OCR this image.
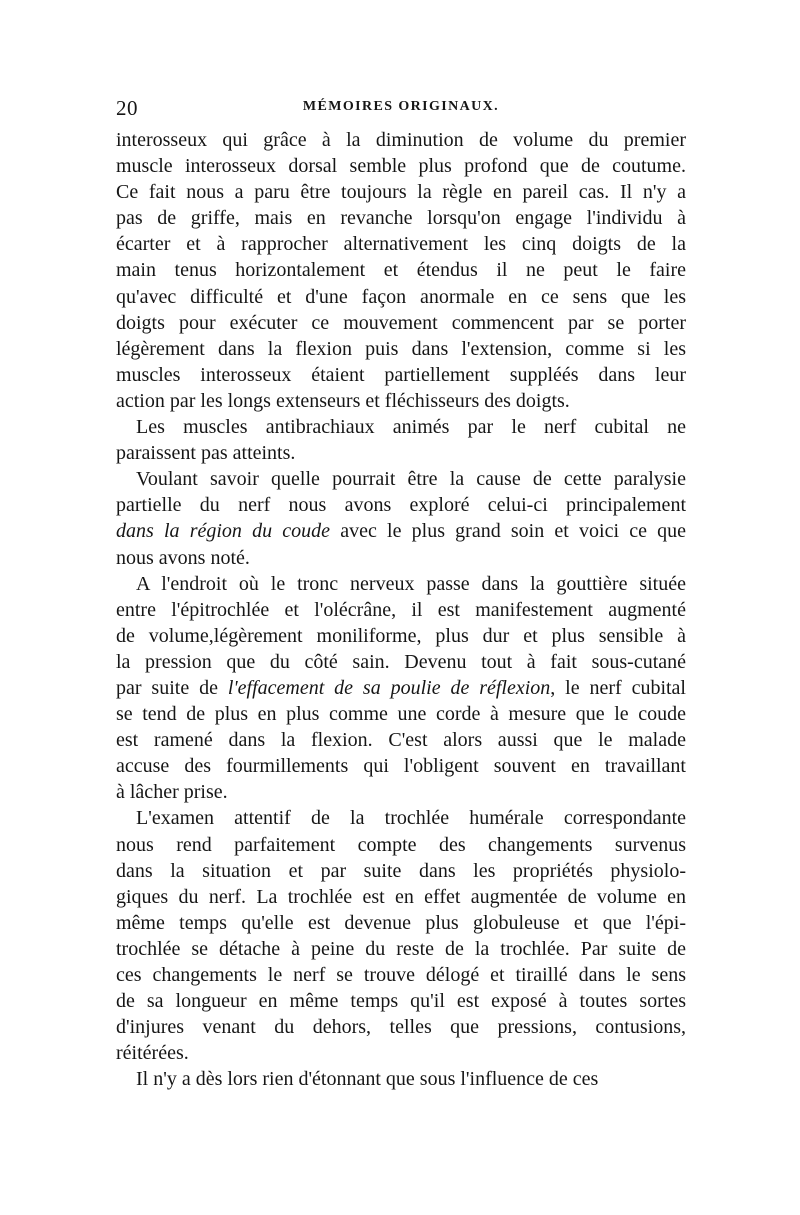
20	MÉMOIRES ORIGINAUX.
interosseux qui grâce à la diminution de volume du premier
muscle interosseux dorsal semble plus profond que de coutume.
Ce fait nous a paru être toujours la règle en pareil cas. Il n'y a
pas de griffe, mais en revanche lorsqu'on engage l'individu à
écarter et à rapprocher alternativement les cinq doigts de la
main tenus horizontalement et étendus il ne peut le faire
qu'avec difficulté et d'une façon anormale en ce sens que les
doigts pour exécuter ce mouvement commencent par se porter
légèrement dans la flexion puis dans l'extension, comme si les
muscles interosseux étaient partiellement suppléés dans leur
action par les longs extenseurs et fléchisseurs des doigts.
Les muscles antibrachiaux animés par le nerf cubital ne
paraissent pas atteints.
Voulant savoir quelle pourrait être la cause de cette paralysie
partielle du nerf nous avons exploré celui-ci principalement
dans la région du coude avec le plus grand soin et voici ce que
nous avons noté.
A l'endroit où le tronc nerveux passe dans la gouttière située
entre l'épitrochlée et l'olécrâne, il est manifestement augmenté
de volume,légèrement moniliforme, plus dur et plus sensible à
la pression que du côté sain. Devenu tout à fait sous-cutané
par suite de l'effacement de sa poulie de réflexion, le nerf cubital
se tend de plus en plus comme une corde à mesure que le coude
est ramené dans la flexion. C'est alors aussi que le malade
accuse des fourmillements qui l'obligent souvent en travaillant
à lâcher prise.
L'examen attentif de la trochlée humérale correspondante
nous rend parfaitement compte des changements survenus
dans la situation et par suite dans les propriétés physiolo-
giques du nerf. La trochlée est en effet augmentée de volume en
même temps qu'elle est devenue plus globuleuse et que l'épi-
trochlée se détache à peine du reste de la trochlée. Par suite de
ces changements le nerf se trouve délogé et tiraillé dans le sens
de sa longueur en même temps qu'il est exposé à toutes sortes
d'injures venant du dehors, telles que pressions, contusions,
réitérées.
Il n'y a dès lors rien d'étonnant que sous l'influence de ces
